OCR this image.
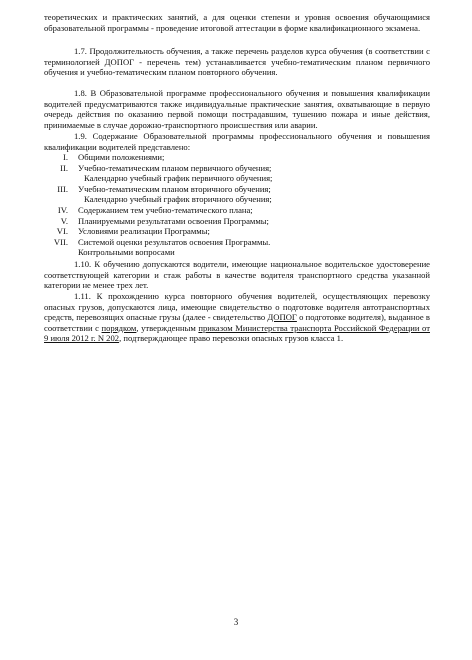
теоретических и практических занятий, а для оценки степени и уровня освоения обучающимися образовательной программы - проведение итоговой аттестации в форме квалификационного экзамена.

1.7. Продолжительность обучения, а также перечень разделов курса обучения (в соответствии с терминологией ДОПОГ - перечень тем) устанавливается учебно-тематическим планом первичного обучения и учебно-тематическим планом повторного обучения.

1.8. В Образовательной программе профессионального обучения и повышения квалификации водителей предусматриваются также индивидуальные практические занятия, охватывающие в первую очередь действия по оказанию первой помощи пострадавшим, тушению пожара и иные действия, принимаемые в случае дорожно-транспортного происшествия или аварии.

1.9. Содержание Образовательной программы профессионального обучения и повышения квалификации водителей представлено:

I. Общими положениями;
II. Учебно-тематическим планом первичного обучения;
Календарно учебный график первичного обучения;
III. Учебно-тематическим планом вторичного обучения;
Календарно учебный график вторичного обучения;
IV. Содержанием тем учебно-тематического плана;
V. Планируемыми результатами освоения Программы;
VI. Условиями реализации Программы;
VII. Системой оценки результатов освоения Программы.
Контрольными вопросами

1.10. К обучению допускаются водители, имеющие национальное водительское удостоверение соответствующей категории и стаж работы в качестве водителя транспортного средства указанной категории не менее трех лет.

1.11. К прохождению курса повторного обучения водителей, осуществляющих перевозку опасных грузов, допускаются лица, имеющие свидетельство о подготовке водителя автотранспортных средств, перевозящих опасные грузы (далее - свидетельство ДОПОГ о подготовке водителя), выданное в соответствии с порядком, утвержденным приказом Министерства транспорта Российской Федерации от 9 июля 2012 г. N 202, подтверждающее право перевозки опасных грузов класса 1.

3
